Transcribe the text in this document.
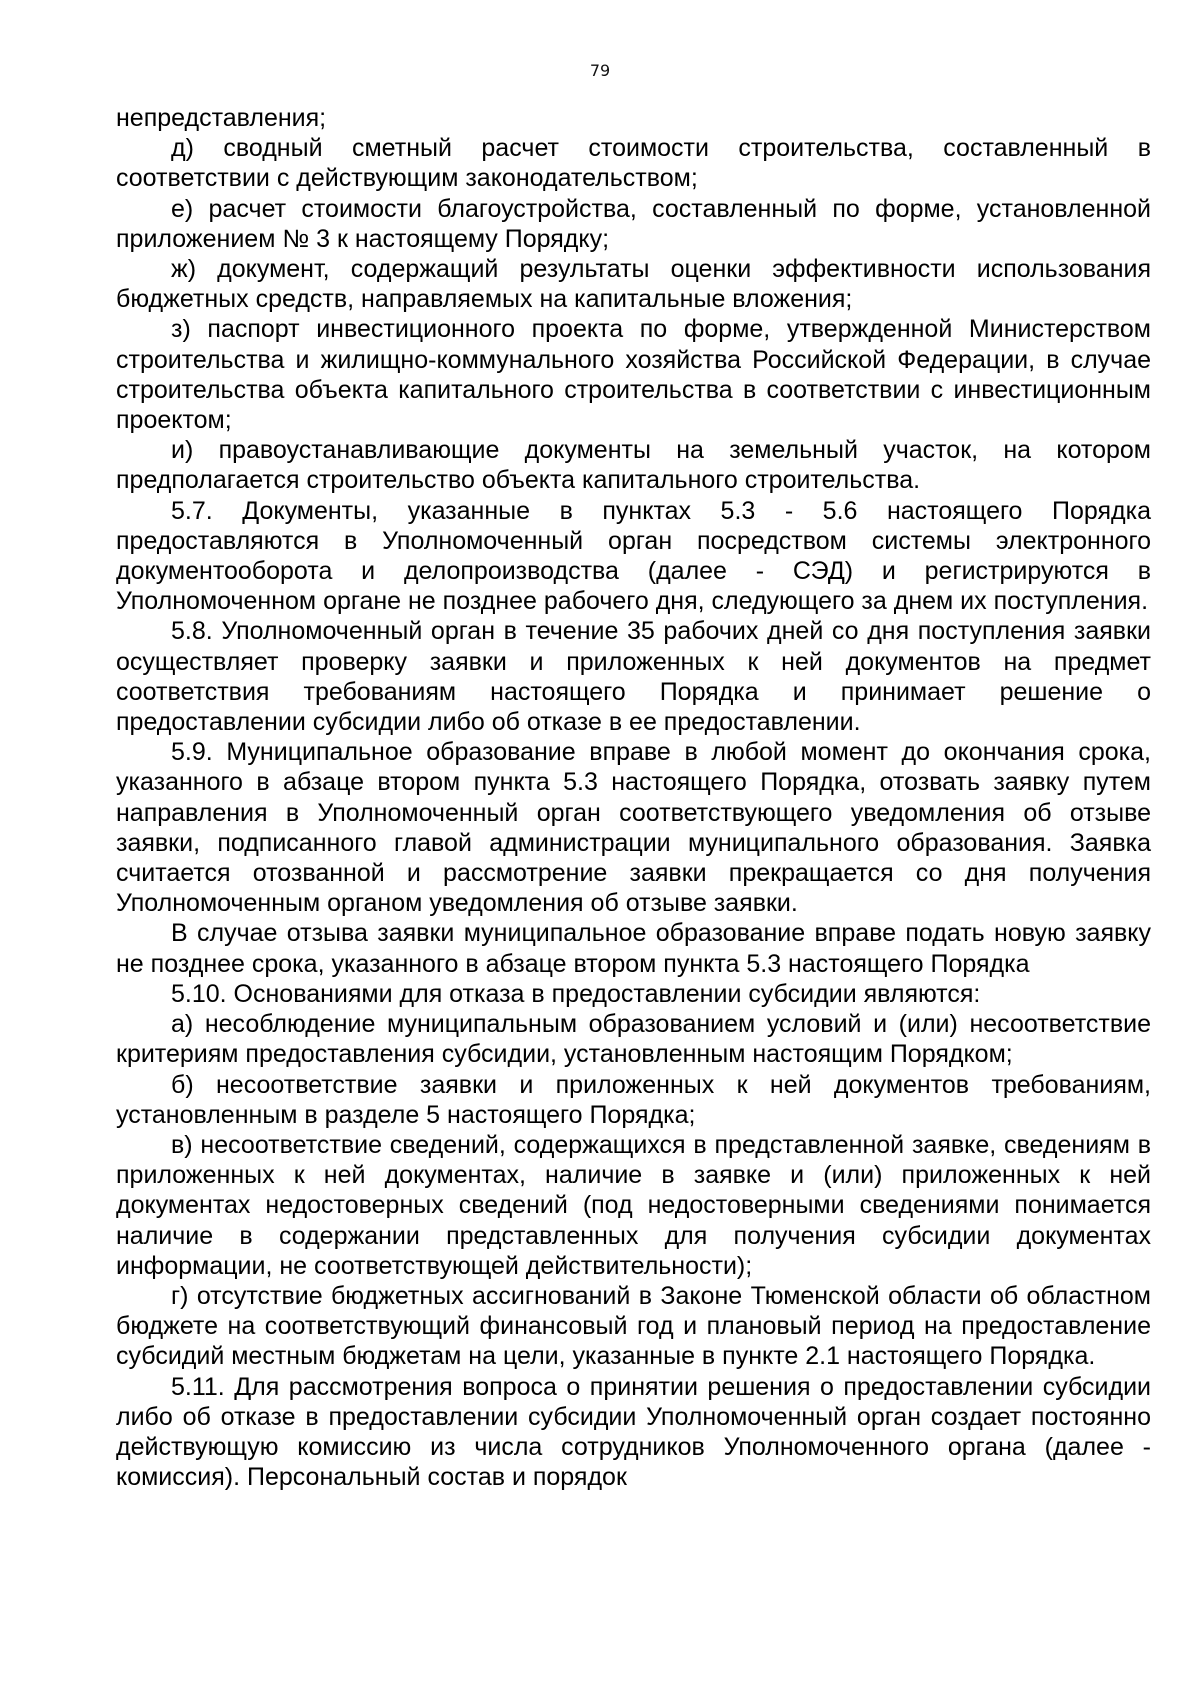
79

непредставления;

д) сводный сметный расчет стоимости строительства, составленный в соответствии с действующим законодательством;

е) расчет стоимости благоустройства, составленный по форме, установленной приложением № 3 к настоящему Порядку;

ж) документ, содержащий результаты оценки эффективности использования бюджетных средств, направляемых на капитальные вложения;

з) паспорт инвестиционного проекта по форме, утвержденной Министерством строительства и жилищно-коммунального хозяйства Российской Федерации, в случае строительства объекта капитального строительства в соответствии с инвестиционным проектом;

и) правоустанавливающие документы на земельный участок, на котором предполагается строительство объекта капитального строительства.

5.7. Документы, указанные в пунктах 5.3 - 5.6 настоящего Порядка предоставляются в Уполномоченный орган посредством системы электронного документооборота и делопроизводства (далее - СЭД) и регистрируются в Уполномоченном органе не позднее рабочего дня, следующего за днем их поступления.

5.8. Уполномоченный орган в течение 35 рабочих дней со дня поступления заявки осуществляет проверку заявки и приложенных к ней документов на предмет соответствия требованиям настоящего Порядка и принимает решение о предоставлении субсидии либо об отказе в ее предоставлении.

5.9. Муниципальное образование вправе в любой момент до окончания срока, указанного в абзаце втором пункта 5.3 настоящего Порядка, отозвать заявку путем направления в Уполномоченный орган соответствующего уведомления об отзыве заявки, подписанного главой администрации муниципального образования. Заявка считается отозванной и рассмотрение заявки прекращается со дня получения Уполномоченным органом уведомления об отзыве заявки.

В случае отзыва заявки муниципальное образование вправе подать новую заявку не позднее срока, указанного в абзаце втором пункта 5.3 настоящего Порядка

5.10. Основаниями для отказа в предоставлении субсидии являются:

а) несоблюдение муниципальным образованием условий и (или) несоответствие критериям предоставления субсидии, установленным настоящим Порядком;

б) несоответствие заявки и приложенных к ней документов требованиям, установленным в разделе 5 настоящего Порядка;

в) несоответствие сведений, содержащихся в представленной заявке, сведениям в приложенных к ней документах, наличие в заявке и (или) приложенных к ней документах недостоверных сведений (под недостоверными сведениями понимается наличие в содержании представленных для получения субсидии документах информации, не соответствующей действительности);

г) отсутствие бюджетных ассигнований в Законе Тюменской области об областном бюджете на соответствующий финансовый год и плановый период на предоставление субсидий местным бюджетам на цели, указанные в пункте 2.1 настоящего Порядка.

5.11. Для рассмотрения вопроса о принятии решения о предоставлении субсидии либо об отказе в предоставлении субсидии Уполномоченный орган создает постоянно действующую комиссию из числа сотрудников Уполномоченного органа (далее - комиссия). Персональный состав и порядок
